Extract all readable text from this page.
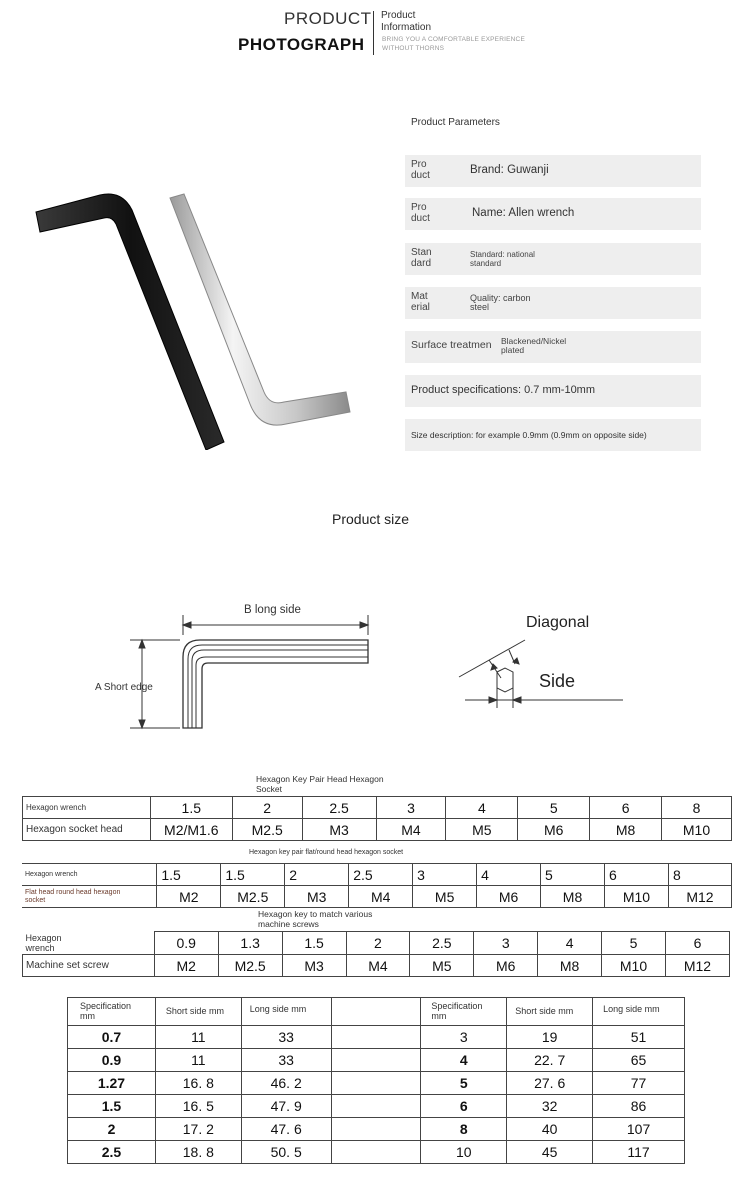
PRODUCT
PHOTOGRAPH
Product
Information
BRING YOU A COMFORTABLE EXPERIENCE
WITHOUT THORNS
Product Parameters
Pro
duct	Brand: Guwanji
Pro
duct	Name: Allen wrench
Stan
dard
Standard: national
standard
Mat
erial
Quality: carbon
steel
Surface treatmen	Blackened/Nickel
plated
Product specifications: 0.7 mm-10mm
Size description: for example 0.9mm (0.9mm on opposite side)
Product size
B long side
A Short edge
Diagonal
Side
Hexagon Key Pair Head Hexagon
Socket
Hexagon wrench	1.5	2	2.5	3	4	5	6	8
Hexagon socket head	M2/M1.6	M2.5	M3	M4	M5	M6	M8	M10
Hexagon key pair flat/round head hexagon socket
Hexagon wrench	1.5	1.5	2	2.5	3	4	5	6	8
Flat head round head hexagon
socket	M2	M2.5	M3	M4	M5	M6	M8	M10	M12
Hexagon key to match various
machine screws
Hexagon
wrench	0.9	1.3	1.5	2	2.5	3	4	5	6
Machine set screw	M2	M2.5	M3	M4	M5	M6	M8	M10	M12
Specification
mm	Short side mm	Long side mm		Specification
mm	Short side mm	Long side mm
0.7	11	33		3	19	51
0.9	11	33		4	22. 7	65
1.27	16. 8	46. 2		5	27. 6	77
1.5	16. 5	47. 9		6	32	86
2	17. 2	47. 6		8	40	107
2.5	18. 8	50. 5		10	45	117
